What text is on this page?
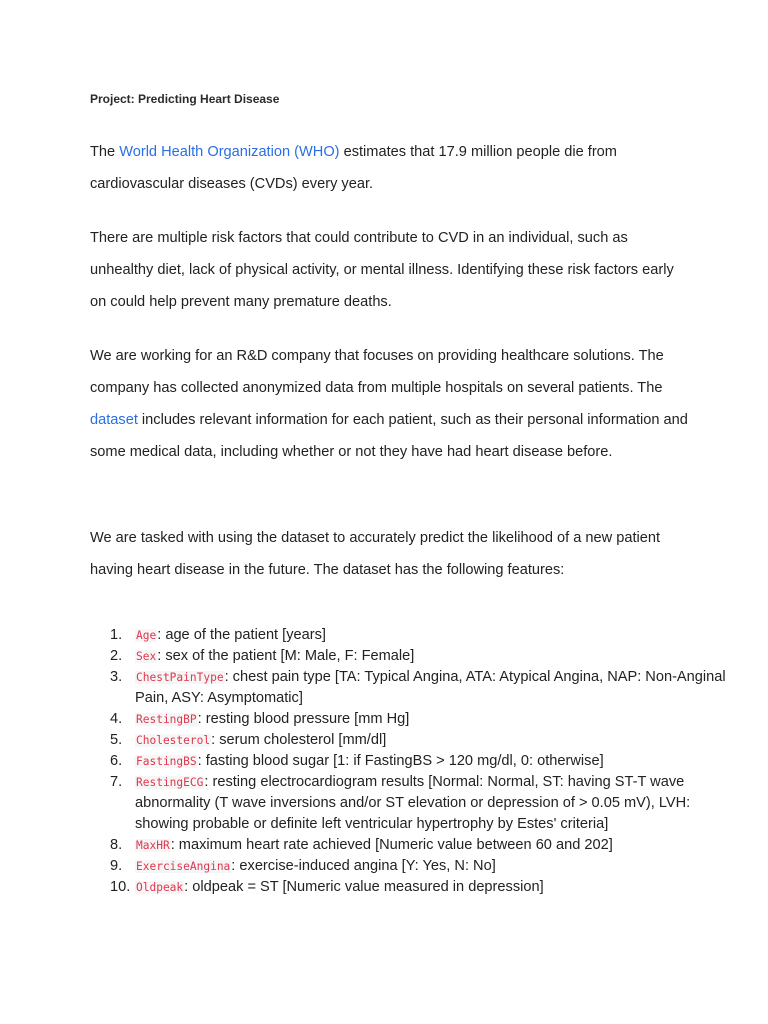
Project: Predicting Heart Disease

The World Health Organization (WHO) estimates that 17.9 million people die from cardiovascular diseases (CVDs) every year.

There are multiple risk factors that could contribute to CVD in an individual, such as unhealthy diet, lack of physical activity, or mental illness. Identifying these risk factors early on could help prevent many premature deaths.

We are working for an R&D company that focuses on providing healthcare solutions. The company has collected anonymized data from multiple hospitals on several patients. The dataset includes relevant information for each patient, such as their personal information and some medical data, including whether or not they have had heart disease before.

We are tasked with using the dataset to accurately predict the likelihood of a new patient having heart disease in the future. The dataset has the following features:

Age: age of the patient [years]
Sex: sex of the patient [M: Male, F: Female]
ChestPainType: chest pain type [TA: Typical Angina, ATA: Atypical Angina, NAP: Non-Anginal Pain, ASY: Asymptomatic]
RestingBP: resting blood pressure [mm Hg]
Cholesterol: serum cholesterol [mm/dl]
FastingBS: fasting blood sugar [1: if FastingBS > 120 mg/dl, 0: otherwise]
RestingECG: resting electrocardiogram results [Normal: Normal, ST: having ST-T wave abnormality (T wave inversions and/or ST elevation or depression of > 0.05 mV), LVH: showing probable or definite left ventricular hypertrophy by Estes' criteria]
MaxHR: maximum heart rate achieved [Numeric value between 60 and 202]
ExerciseAngina: exercise-induced angina [Y: Yes, N: No]
Oldpeak: oldpeak = ST [Numeric value measured in depression]
